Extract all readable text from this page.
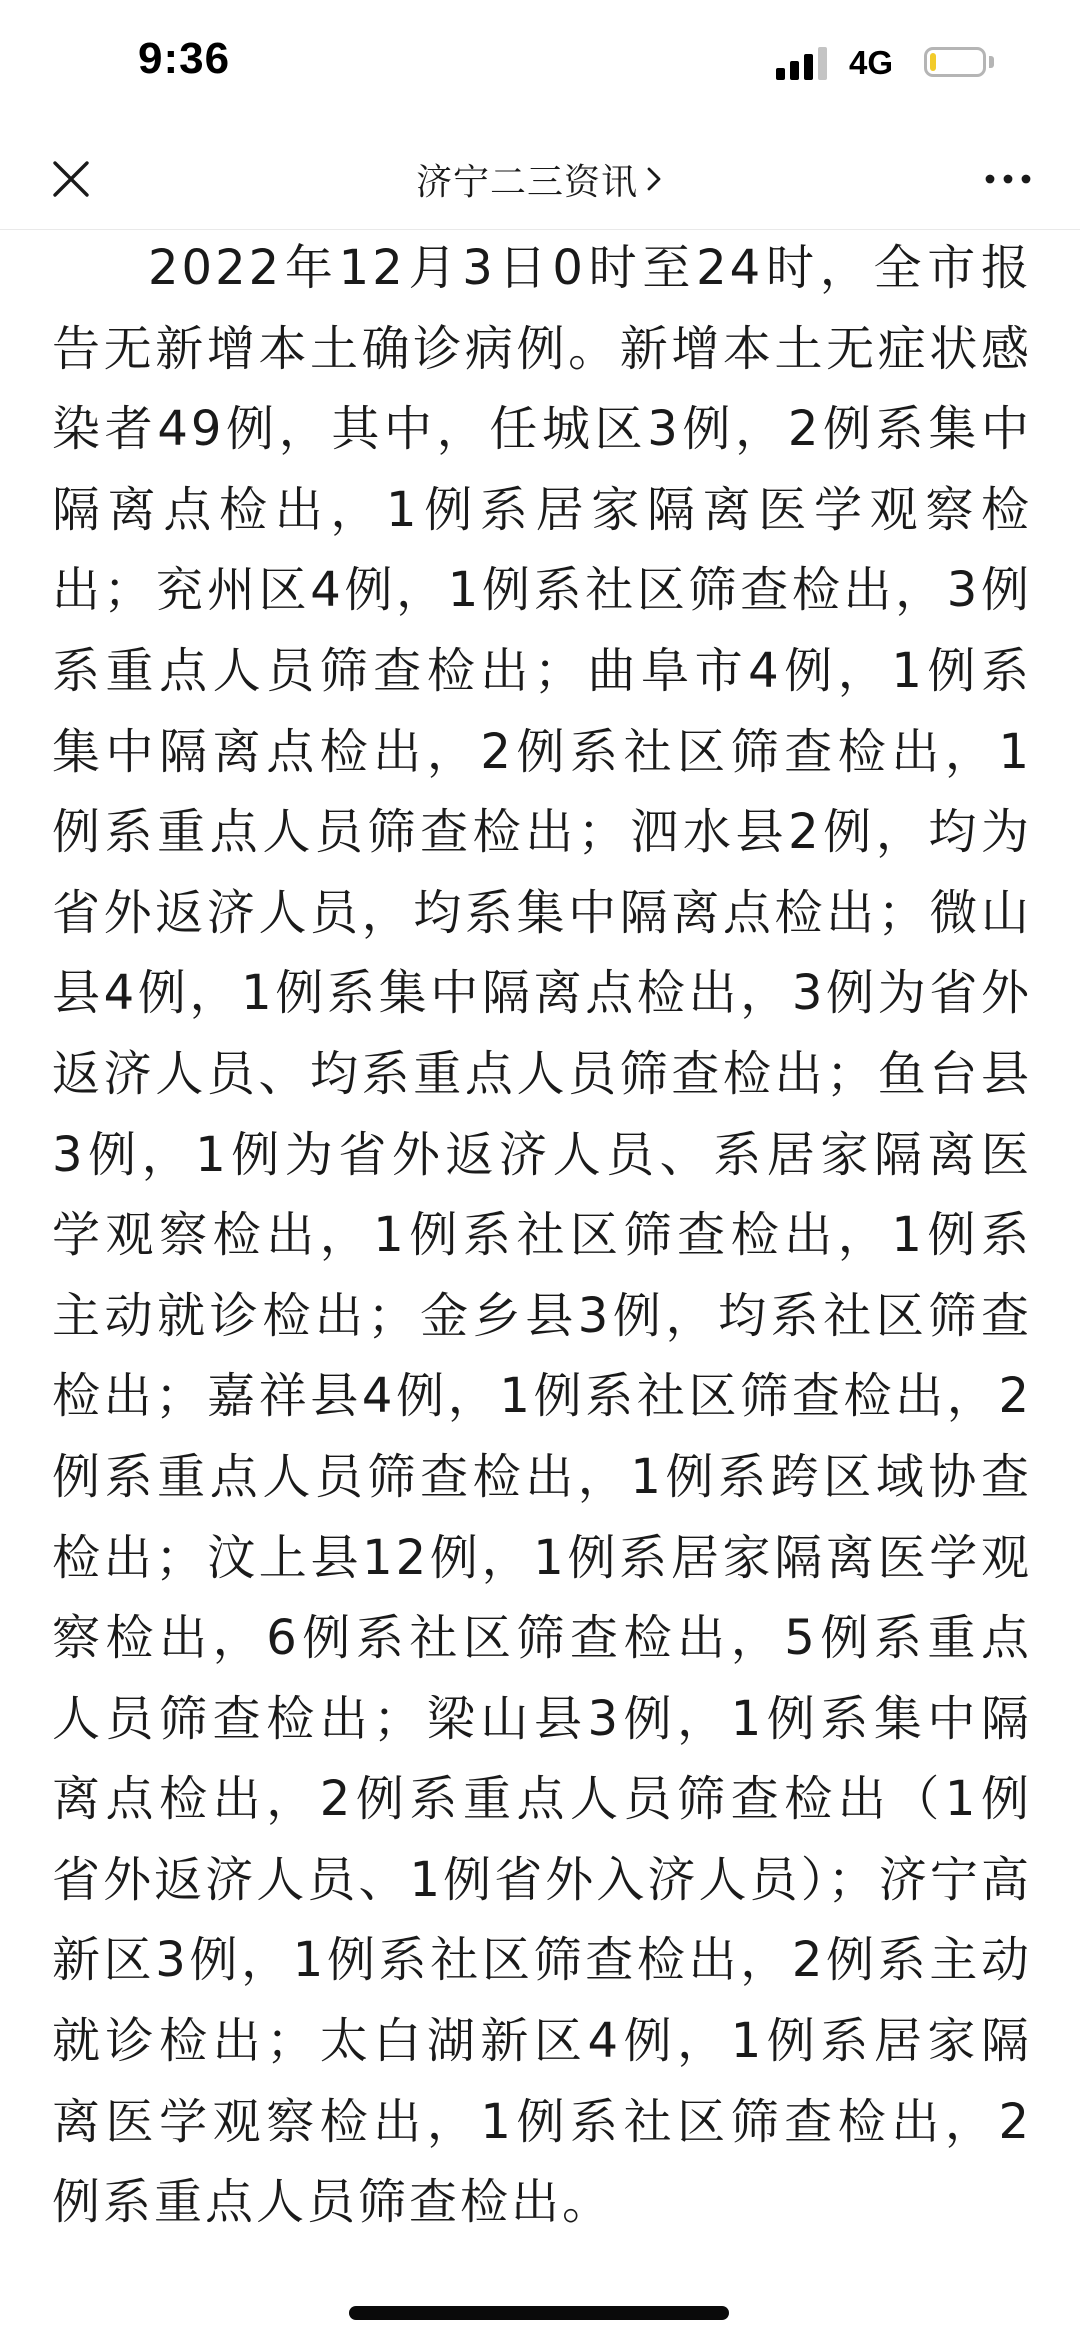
9:36	4G
济宁二三资讯

2022年12月3日0时至24时，全市报告无新增本土确诊病例。新增本土无症状感染者49例，其中，任城区3例，2例系集中隔离点检出，1例系居家隔离医学观察检出；兖州区4例，1例系社区筛查检出，3例系重点人员筛查检出；曲阜市4例，1例系集中隔离点检出，2例系社区筛查检出，1例系重点人员筛查检出；泗水县2例，均为省外返济人员，均系集中隔离点检出；微山县4例，1例系集中隔离点检出，3例为省外返济人员、均系重点人员筛查检出；鱼台县3例，1例为省外返济人员、系居家隔离医学观察检出，1例系社区筛查检出，1例系主动就诊检出；金乡县3例，均系社区筛查检出；嘉祥县4例，1例系社区筛查检出，2例系重点人员筛查检出，1例系跨区域协查检出；汶上县12例，1例系居家隔离医学观察检出，6例系社区筛查检出，5例系重点人员筛查检出；梁山县3例，1例系集中隔离点检出，2例系重点人员筛查检出（1例省外返济人员、1例省外入济人员）；济宁高新区3例，1例系社区筛查检出，2例系主动就诊检出；太白湖新区4例，1例系居家隔离医学观察检出，1例系社区筛查检出，2例系重点人员筛查检出。
